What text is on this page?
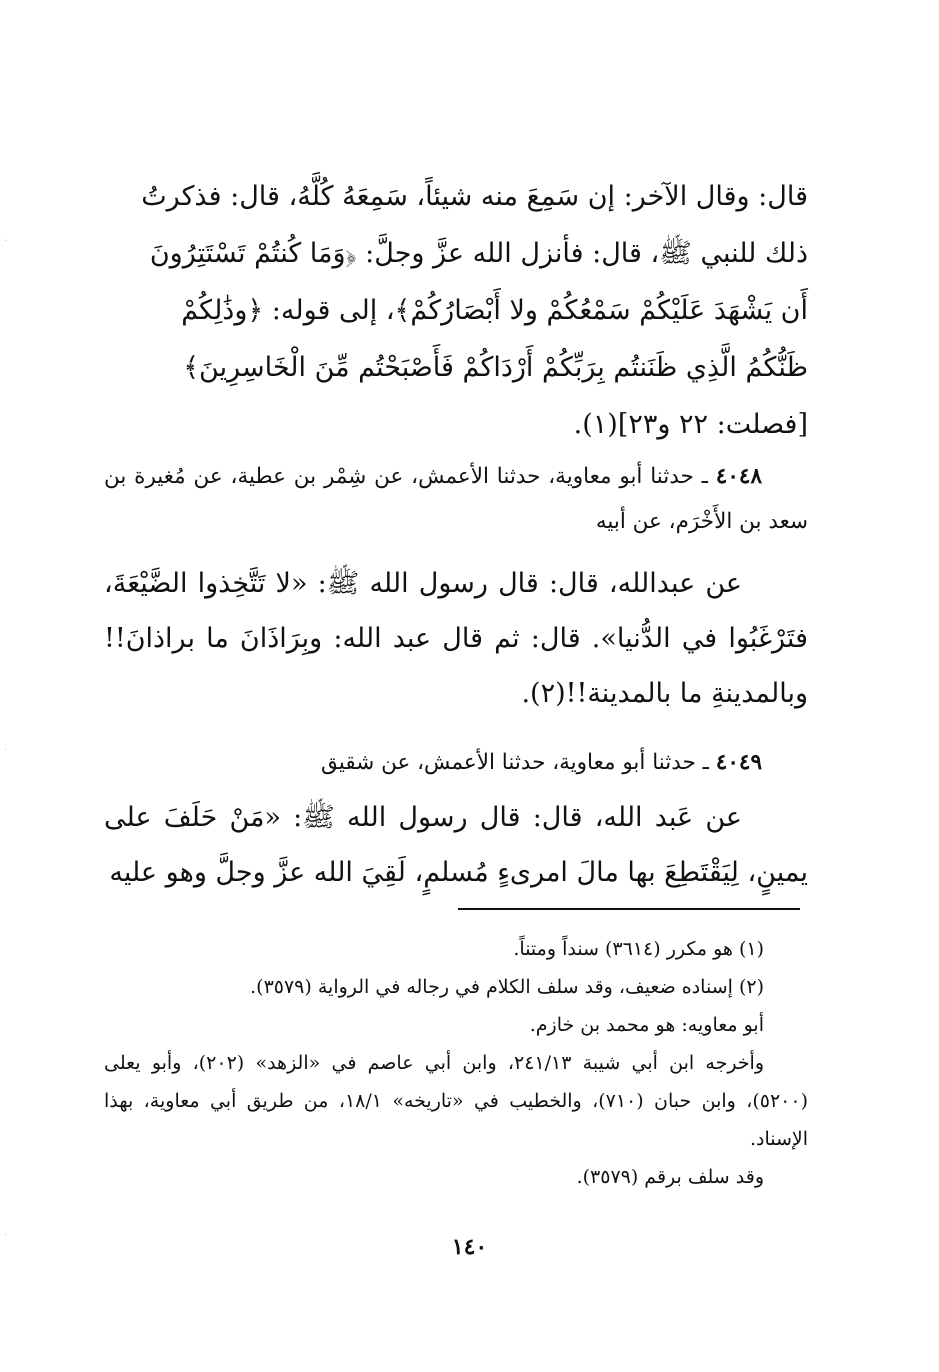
·
·
·

قال: وقال الآخر: إن سَمِعَ منه شيئاً، سَمِعَهُ كُلَّهُ، قال: فذكرتُ

ذلك للنبي ﷺ، قال: فأنزل الله عزَّ وجلَّ: ﴿وَمَا كُنتُمْ تَسْتَتِرُونَ

أَن يَشْهَدَ عَلَيْكُمْ سَمْعُكُمْ ولا أَبْصَارُكُمْ﴾، إلى قوله: ﴿وذَٰلِكُمْ

ظَنُّكُمُ الَّذِي ظَنَنتُم بِرَبِّكُمْ أَرْدَاكُمْ فَأَصْبَحْتُم مِّنَ الْخَاسِرِينَ﴾

[فصلت: ٢٢ و٢٣](١).

٤٠٤٨ ـ حدثنا أبو معاوية، حدثنا الأعمش، عن شِمْر بن عطية، عن مُغيرة بن سعد بن الأَخْرَم، عن أبيه

عن عبدالله، قال: قال رسول الله ﷺ: «لا تَتَّخِذوا الضَّيْعَةَ، فتَرْغَبُوا في الدُّنيا». قال: ثم قال عبد الله: وبِرَاذَانَ ما براذانَ!! وبالمدينةِ ما بالمدينة!!(٢).

٤٠٤٩ ـ حدثنا أبو معاوية، حدثنا الأعمش، عن شقيق

عن عَبد الله، قال: قال رسول الله ﷺ: «مَنْ حَلَفَ على يمينٍ، لِيَقْتَطِعَ بها مالَ امرىءٍ مُسلمٍ، لَقِيَ الله عزَّ وجلَّ وهو عليه

(١) هو مكرر (٣٦١٤) سنداً ومتناً.

(٢) إسناده ضعيف، وقد سلف الكلام في رجاله في الرواية (٣٥٧٩).

أبو معاويه: هو محمد بن خازم.

وأخرجه ابن أبي شيبة ٢٤١/١٣، وابن أبي عاصم في «الزهد» (٢٠٢)، وأبو يعلى (٥٢٠٠)، وابن حبان (٧١٠)، والخطيب في «تاريخه» ١٨/١، من طريق أبي معاوية، بهذا الإسناد.

وقد سلف برقم (٣٥٧٩).

١٤٠
